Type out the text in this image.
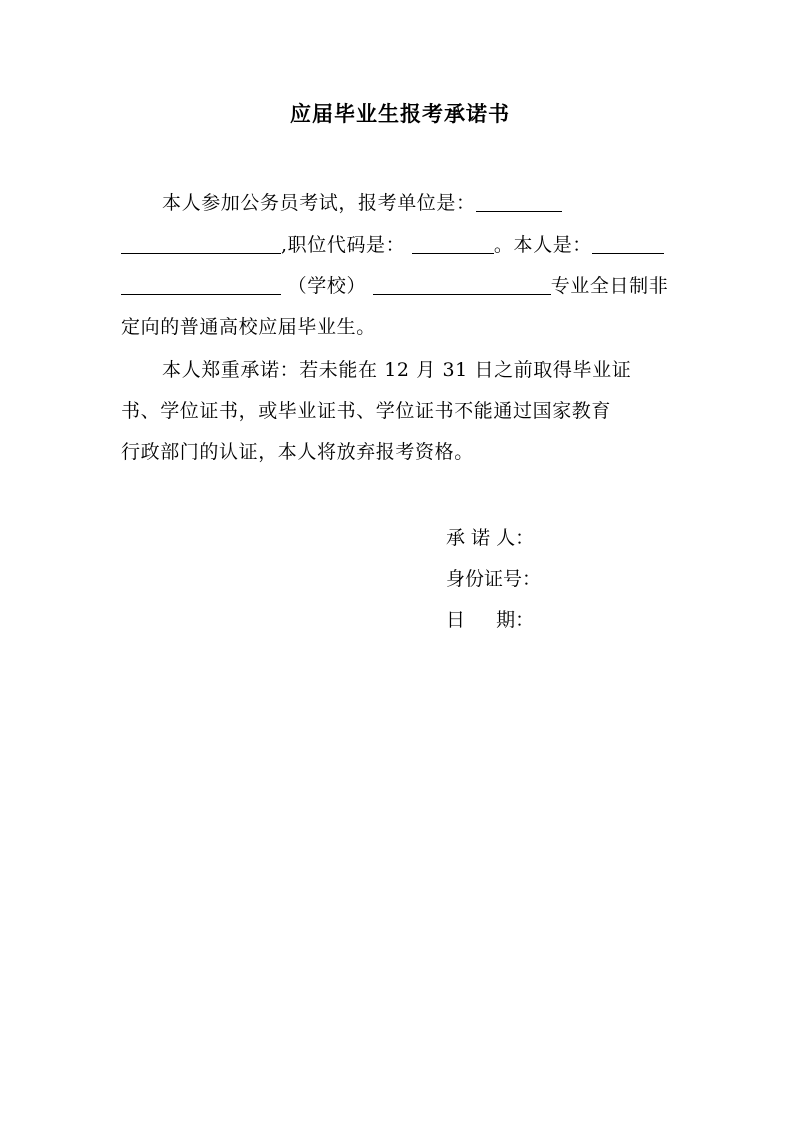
应届毕业生报考承诺书
本人参加公务员考试，报考单位是：
,职位代码是：	。本人是：
（学校）	专业全日制非
定向的普通高校应届毕业生。
本人郑重承诺：若未能在 12 月 31 日之前取得毕业证
书、学位证书，或毕业证书、学位证书不能通过国家教育
行政部门的认证，本人将放弃报考资格。
承 诺 人：
身份证号：
日 　 期：
